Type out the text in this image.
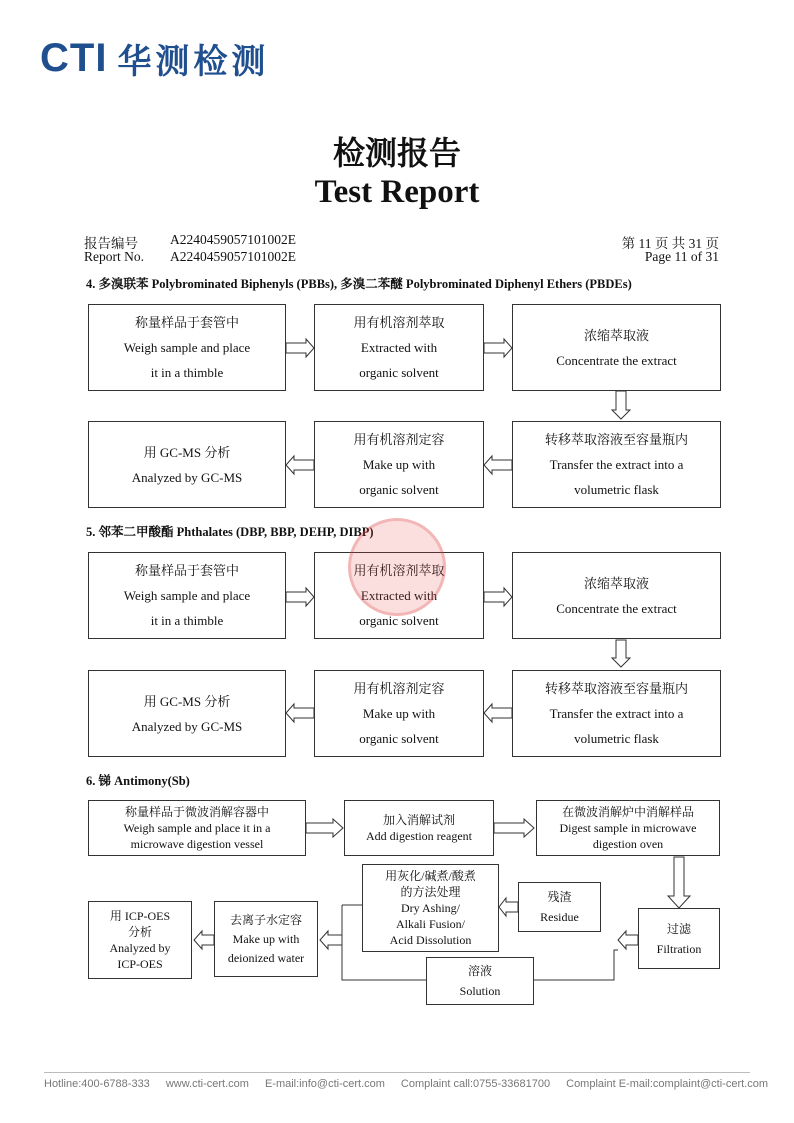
CTI 华测检测
检测报告
Test Report
报告编号
Report No.
A2240459057101002E
A2240459057101002E
第 11 页 共 31 页
Page 11 of 31
4. 多溴联苯 Polybrominated Biphenyls (PBBs), 多溴二苯醚 Polybrominated Diphenyl Ethers (PBDEs)
称量样品于套管中
Weigh sample and place
it in a thimble
用有机溶剂萃取
Extracted with
organic solvent
浓缩萃取液
Concentrate the extract
转移萃取溶液至容量瓶内
Transfer the extract into a
volumetric flask
用有机溶剂定容
Make up with
organic solvent
用 GC-MS 分析
Analyzed by GC-MS
5. 邻苯二甲酸酯 Phthalates (DBP, BBP, DEHP, DIBP)
称量样品于套管中
Weigh sample and place
it in a thimble
用有机溶剂萃取
Extracted with
organic solvent
浓缩萃取液
Concentrate the extract
转移萃取溶液至容量瓶内
Transfer the extract into a
volumetric flask
用有机溶剂定容
Make up with
organic solvent
用 GC-MS 分析
Analyzed by GC-MS
6. 锑 Antimony(Sb)
称量样品于微波消解容器中
Weigh sample and place it in a
microwave digestion vessel
加入消解试剂
Add digestion reagent
在微波消解炉中消解样品
Digest sample in microwave
digestion oven
过滤
Filtration
残渣
Residue
用灰化/碱煮/酸煮
的方法处理
Dry Ashing/
Alkali Fusion/
Acid Dissolution
溶液
Solution
去离子水定容
Make up with
deionized water
用 ICP-OES
分析
Analyzed by
ICP-OES
Hotline:400-6788-333 www.cti-cert.com E-mail:info@cti-cert.com Complaint call:0755-33681700 Complaint E-mail:complaint@cti-cert.com
